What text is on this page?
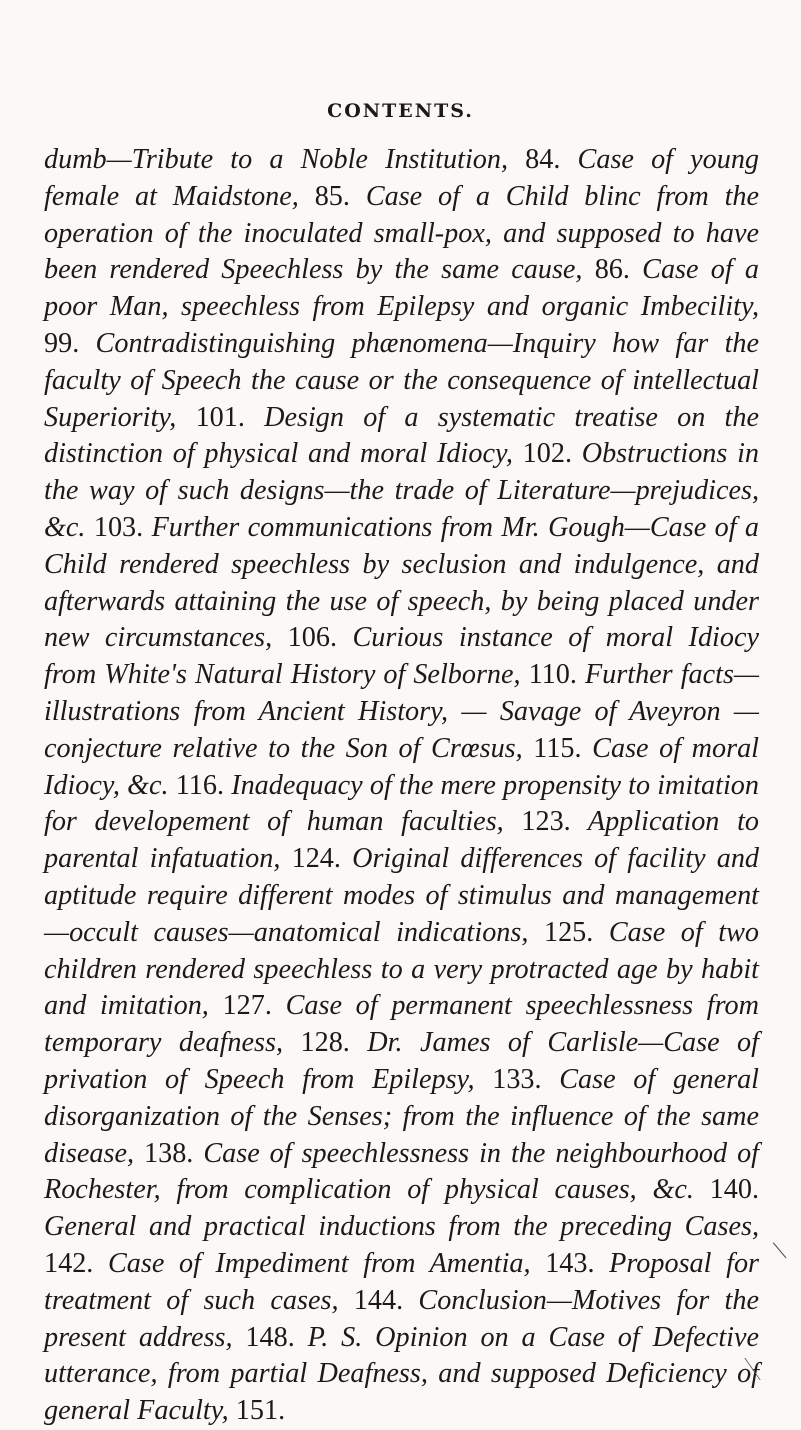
CONTENTS.
dumb—Tribute to a Noble Institution, 84. Case of young female at Maidstone, 85. Case of a Child blinc from the operation of the inoculated small-pox, and supposed to have been rendered Speechless by the same cause, 86. Case of a poor Man, speechless from Epilepsy and organic Imbecility, 99. Contradistinguishing phænomena—Inquiry how far the faculty of Speech the cause or the consequence of intellectual Superiority, 101. Design of a systematic treatise on the distinction of physical and moral Idiocy, 102. Obstructions in the way of such designs—the trade of Literature—prejudices, &c. 103. Further communications from Mr. Gough—Case of a Child rendered speechless by seclusion and indulgence, and afterwards attaining the use of speech, by being placed under new circumstances, 106. Curious instance of moral Idiocy from White's Natural History of Selborne, 110. Further facts—illustrations from Ancient History, — Savage of Aveyron — conjecture relative to the Son of Crœsus, 115. Case of moral Idiocy, &c. 116. Inadequacy of the mere propensity to imitation for developement of human faculties, 123. Application to parental infatuation, 124. Original differences of facility and aptitude require different modes of stimulus and management—occult causes—anatomical indications, 125. Case of two children rendered speechless to a very protracted age by habit and imitation, 127. Case of permanent speechlessness from temporary deafness, 128. Dr. James of Carlisle—Case of privation of Speech from Epilepsy, 133. Case of general disorganization of the Senses; from the influence of the same disease, 138. Case of speechlessness in the neighbourhood of Rochester, from complication of physical causes, &c. 140. General and practical inductions from the preceding Cases, 142. Case of Impediment from Amentia, 143. Proposal for treatment of such cases, 144. Conclusion—Motives for the present address, 148. P. S. Opinion on a Case of Defective utterance, from partial Deafness, and supposed Deficiency of general Faculty, 151.
